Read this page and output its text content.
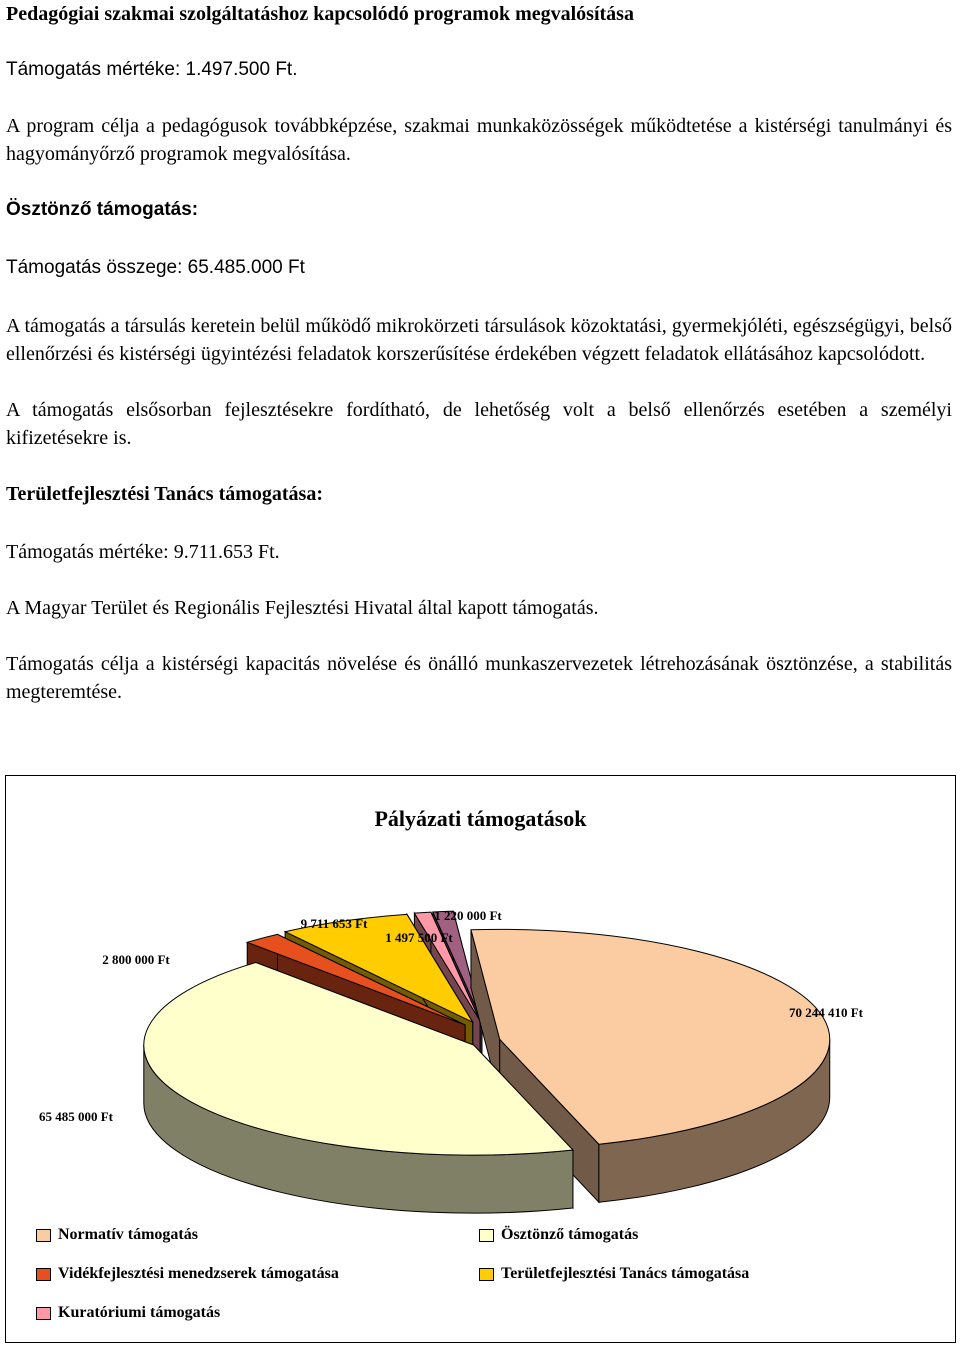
Pedagógiai szakmai szolgáltatáshoz kapcsolódó programok megvalósítása

Támogatás mértéke: 1.497.500 Ft.

A program célja a pedagógusok továbbképzése, szakmai munkaközösségek működtetése a kistérségi tanulmányi és hagyományőrző programok megvalósítása.

Ösztönző támogatás:

Támogatás összege: 65.485.000 Ft

A támogatás a társulás keretein belül működő mikrokörzeti társulások közoktatási, gyermekjóléti, egészségügyi, belső ellenőrzési és kistérségi ügyintézési feladatok korszerűsítése érdekében végzett feladatok ellátásához kapcsolódott.

A támogatás elsősorban fejlesztésekre fordítható, de lehetőség volt a belső ellenőrzés esetében a személyi kifizetésekre is.

Területfejlesztési Tanács támogatása:

Támogatás mértéke: 9.711.653 Ft.

A Magyar Terület és Regionális Fejlesztési Hivatal által kapott támogatás.

Támogatás célja a kistérségi kapacitás növelése és önálló munkaszervezetek létrehozásának ösztönzése, a stabilitás megteremtése.

Pályázati támogatások
70 244 410 Ft
65 485 000 Ft
2 800 000 Ft
9 711 653 Ft
1 220 000 Ft
1 497 500 Ft
Normatív támogatás	Ösztönző támogatás
Vidékfejlesztési menedzserek támogatása	Területfejlesztési Tanács támogatása
Kuratóriumi támogatás
